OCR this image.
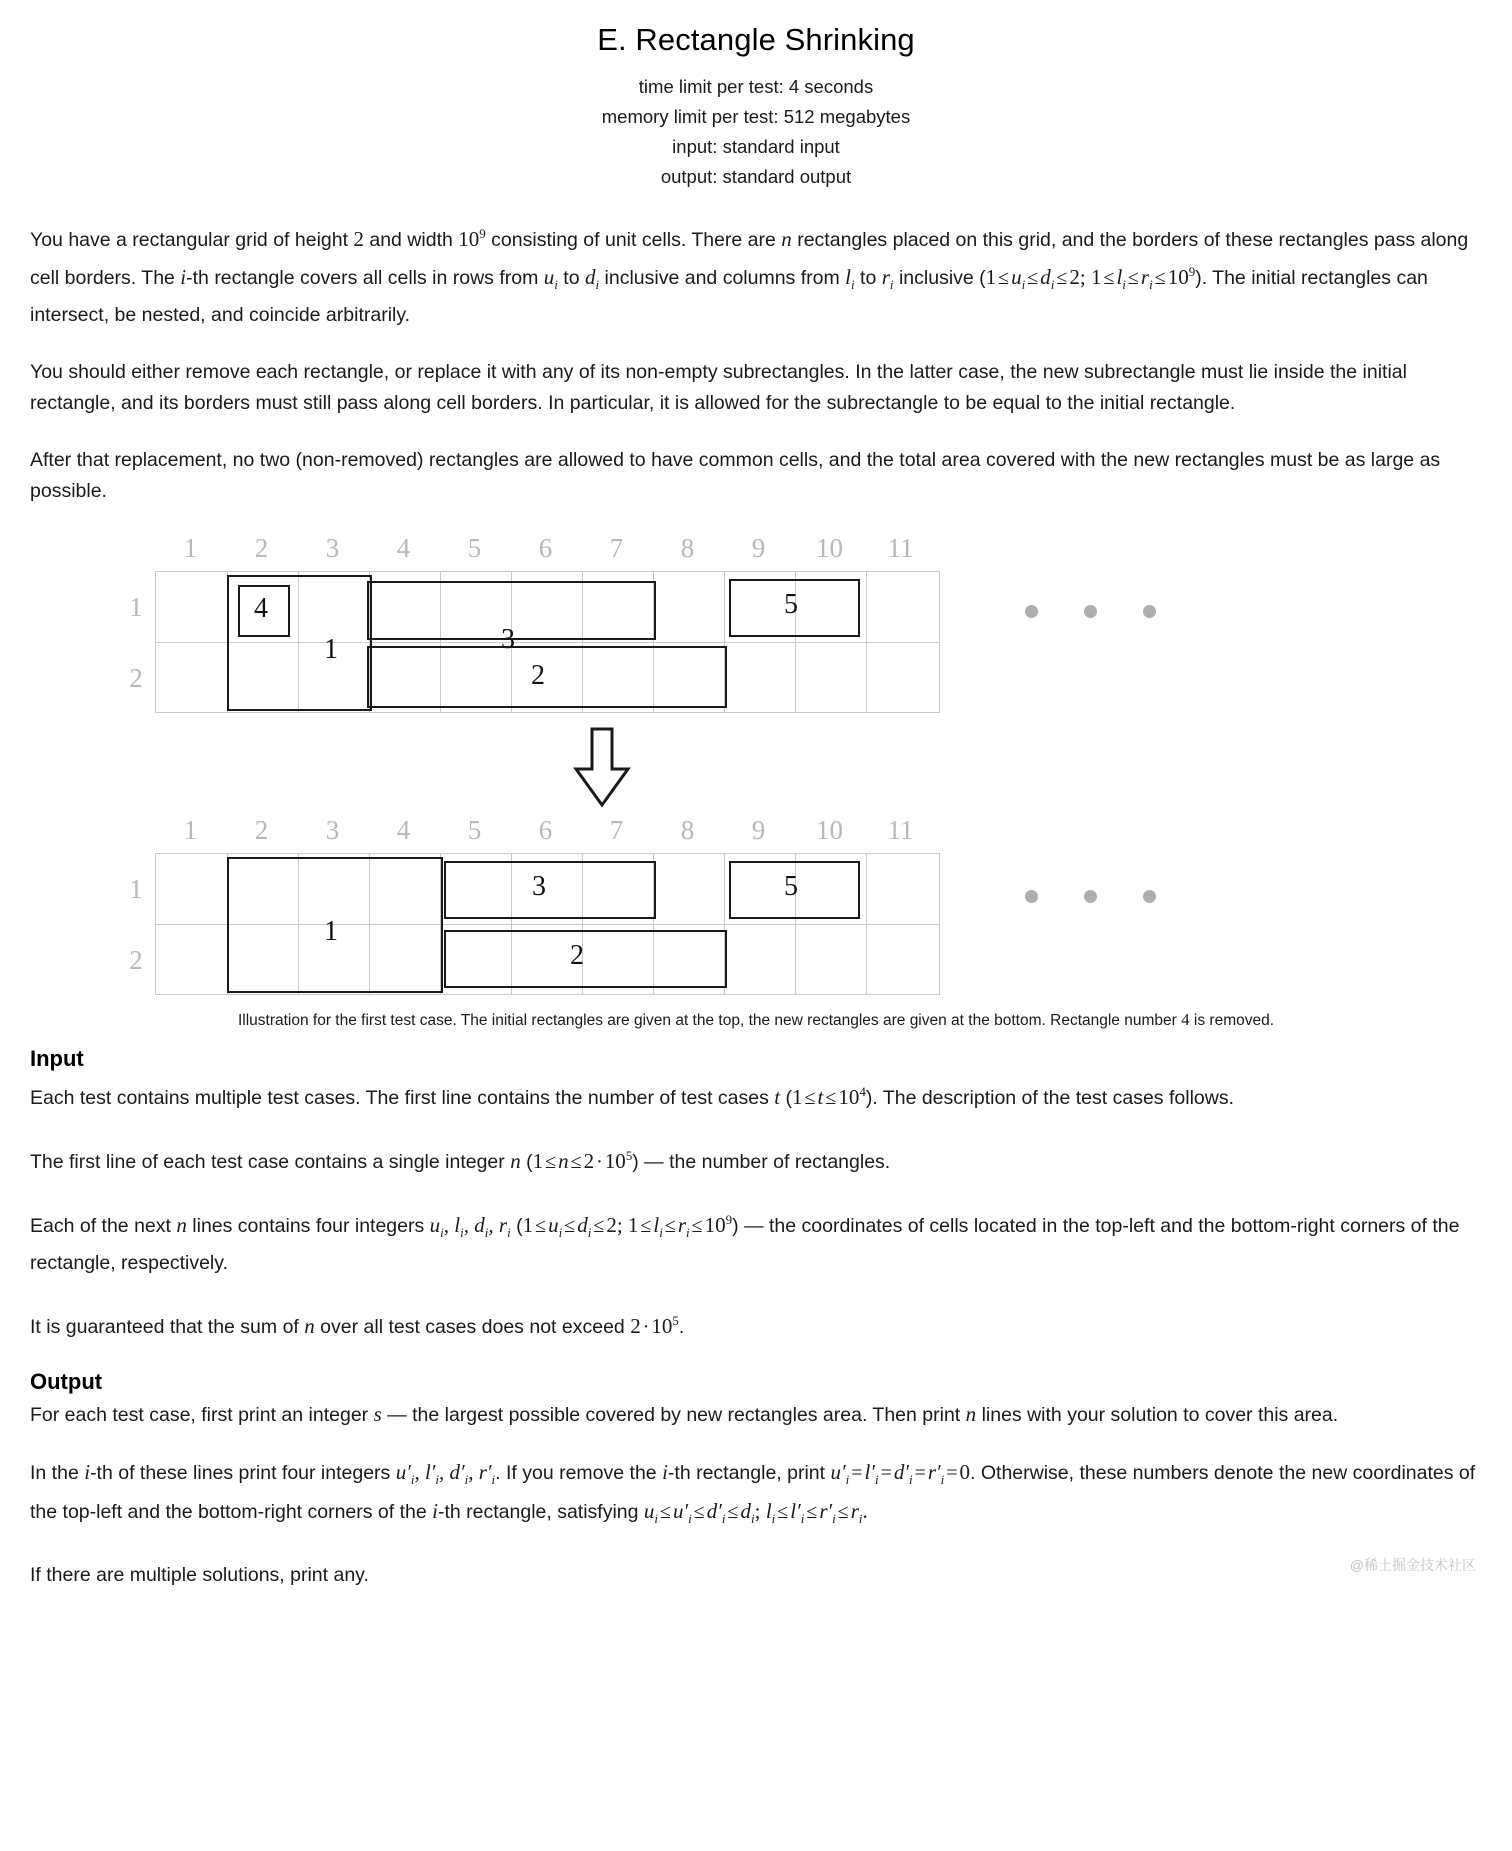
E. Rectangle Shrinking
time limit per test: 4 seconds
memory limit per test: 512 megabytes
input: standard input
output: standard output

You have a rectangular grid of height 2 and width $10^9$ consisting of unit cells. There are n rectangles placed on this grid, and the borders of these rectangles pass along cell borders. The i-th rectangle covers all cells in rows from $u_i$ to $d_i$ inclusive and columns from $l_i$ to $r_i$ inclusive ($1 \le u_i \le d_i \le 2$; $1 \le l_i \le r_i \le 10^9$). The initial rectangles can intersect, be nested, and coincide arbitrarily.

You should either remove each rectangle, or replace it with any of its non-empty subrectangles. In the latter case, the new subrectangle must lie inside the initial rectangle, and its borders must still pass along cell borders. In particular, it is allowed for the subrectangle to be equal to the initial rectangle.

After that replacement, no two (non-removed) rectangles are allowed to have common cells, and the total area covered with the new rectangles must be as large as possible.

1	2	3	4	5	6	7	8	9	10	11
1
2
1
4
3
2
5
1	2	3	4	5	6	7	8	9	10	11
1
2
1
3
2
5
Illustration for the first test case. The initial rectangles are given at the top, the new rectangles are given at the bottom. Rectangle number 4 is removed.
Input

Each test contains multiple test cases. The first line contains the number of test cases t $(1 \le t \le 10^4)$. The description of the test cases follows.

The first line of each test case contains a single integer n $(1 \le n \le 2 \cdot 10^5)$ — the number of rectangles.

Each of the next n lines contains four integers $u_i$, $l_i$, $d_i$, $r_i$ ($1 \le u_i \le d_i \le 2$; $1 \le l_i \le r_i \le 10^9$) — the coordinates of cells located in the top-left and the bottom-right corners of the rectangle, respectively.

It is guaranteed that the sum of n over all test cases does not exceed $2 \cdot 10^5$.

Output

For each test case, first print an integer s — the largest possible covered by new rectangles area. Then print n lines with your solution to cover this area.

In the i-th of these lines print four integers $u'_i$, $l'_i$, $d'_i$, $r'_i$. If you remove the i-th rectangle, print $u'_i =l'_i =d'_i =r'_i =0$. Otherwise, these numbers denote the new coordinates of the top-left and the bottom-right corners of the i-th rectangle, satisfying $u_i \le u'_i \le d'_i \le d_i$; $l_i \le l'_i \le r'_i \le r_i$.

If there are multiple solutions, print any.	@稀土掘金技术社区
